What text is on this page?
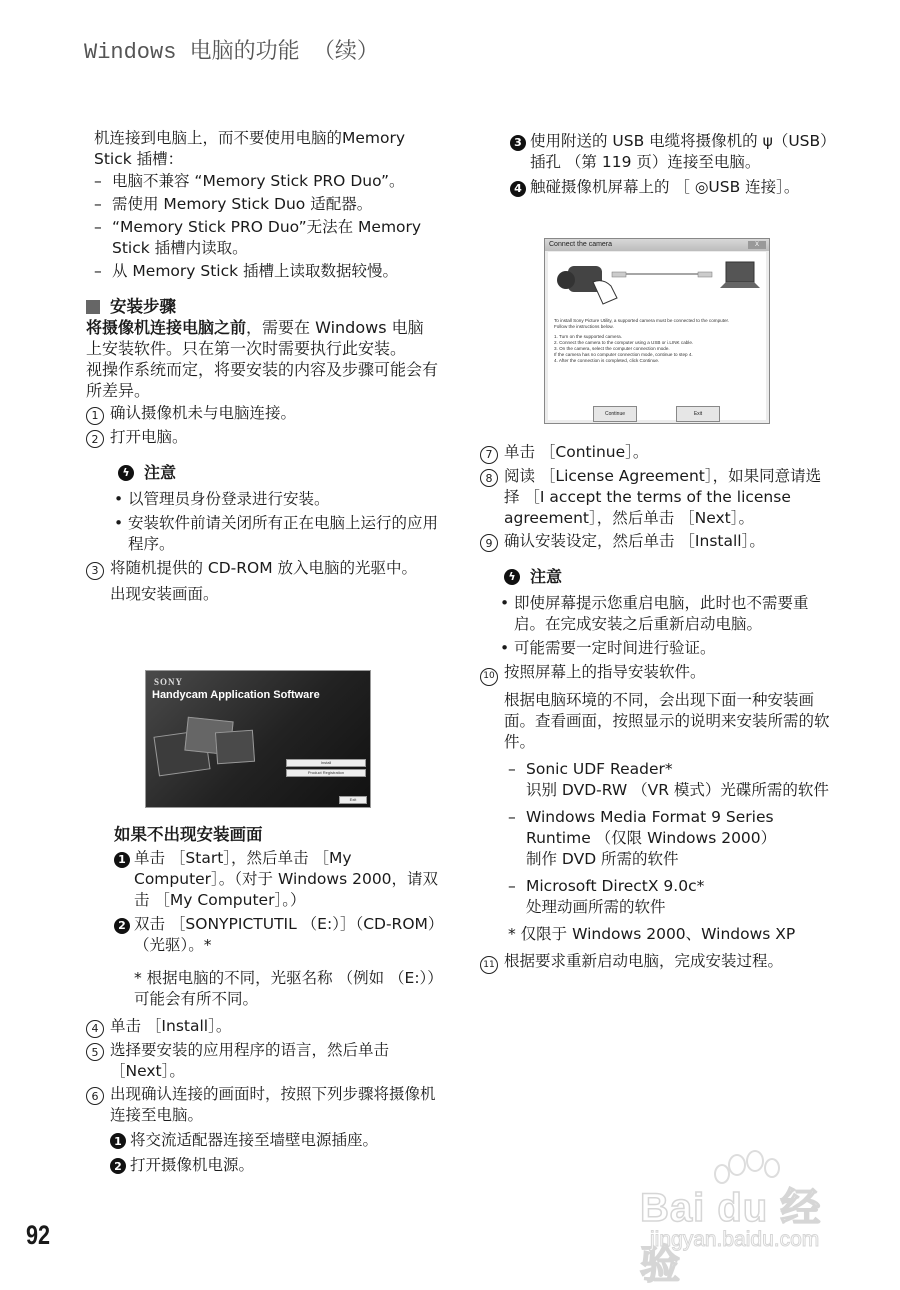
Windows 电脑的功能 （续）

机连接到电脑上，而不要使用电脑的Memory Stick 插槽：

– 电脑不兼容 “Memory Stick PRO Duo”。
– 需使用 Memory Stick Duo 适配器。
– “Memory Stick PRO Duo”无法在 Memory Stick 插槽内读取。
– 从 Memory Stick 插槽上读取数据较慢。
安装步骤

将摄像机连接电脑之前，需要在 Windows 电脑上安装软件。只在第一次时需要执行此安装。

视操作系统而定，将要安装的内容及步骤可能会有所差异。

1 确认摄像机未与电脑连接。
2 打开电脑。
ϟ 注意
• 以管理员身份登录进行安装。
• 安装软件前请关闭所有正在电脑上运行的应用程序。
3 将随机提供的 CD-ROM 放入电脑的光驱中。

出现安装画面。

SONY
Handycam Application Software
Install
Product Registration
Exit
如果不出现安装画面
1 单击 ［Start］，然后单击 ［My Computer］。（对于 Windows 2000，请双击 ［My Computer］。）
2 双击 ［SONYPICTUTIL （E:）］（CD-ROM）（光驱）。*

* 根据电脑的不同，光驱名称 （例如 （E:））可能会有所不同。

4 单击 ［Install］。
5 选择要安装的应用程序的语言，然后单击 ［Next］。
6 出现确认连接的画面时，按照下列步骤将摄像机连接至电脑。
1 将交流适配器连接至墙壁电源插座。
2 打开摄像机电源。
3 使用附送的 USB 电缆将摄像机的 ψ（USB）插孔 （第 119 页）连接至电脑。
4 触碰摄像机屏幕上的 ［ ◎USB 连接］。
Connect the camera	X
To install Sony Picture Utility, a supported camera must be connected to the computer.
Follow the instructions below.
1. Turn on the supported camera.
2. Connect the camera to the computer using a USB or i.LINK cable.
3. On the camera, select the computer connection mode.
If the camera has no computer connection mode, continue to step 4.
4. After the connection is completed, click Continue.
Continue	Exit
7 单击 ［Continue］。
8 阅读 ［License Agreement］，如果同意请选择 ［I accept the terms of the license agreement］，然后单击 ［Next］。
9 确认安装设定，然后单击 ［Install］。
ϟ 注意
• 即使屏幕提示您重启电脑，此时也不需要重启。在完成安装之后重新启动电脑。
• 可能需要一定时间进行验证。
10 按照屏幕上的指导安装软件。

根据电脑环境的不同，会出现下面一种安装画面。查看画面，按照显示的说明来安装所需的软件。

– Sonic UDF Reader*
识别 DVD-RW （VR 模式）光碟所需的软件
– Windows Media Format 9 Series Runtime （仅限 Windows 2000）
制作 DVD 所需的软件
– Microsoft DirectX 9.0c*
处理动画所需的软件

* 仅限于 Windows 2000、Windows XP

11 根据要求重新启动电脑，完成安装过程。
92
Bai du 经验
jingyan.baidu.com
